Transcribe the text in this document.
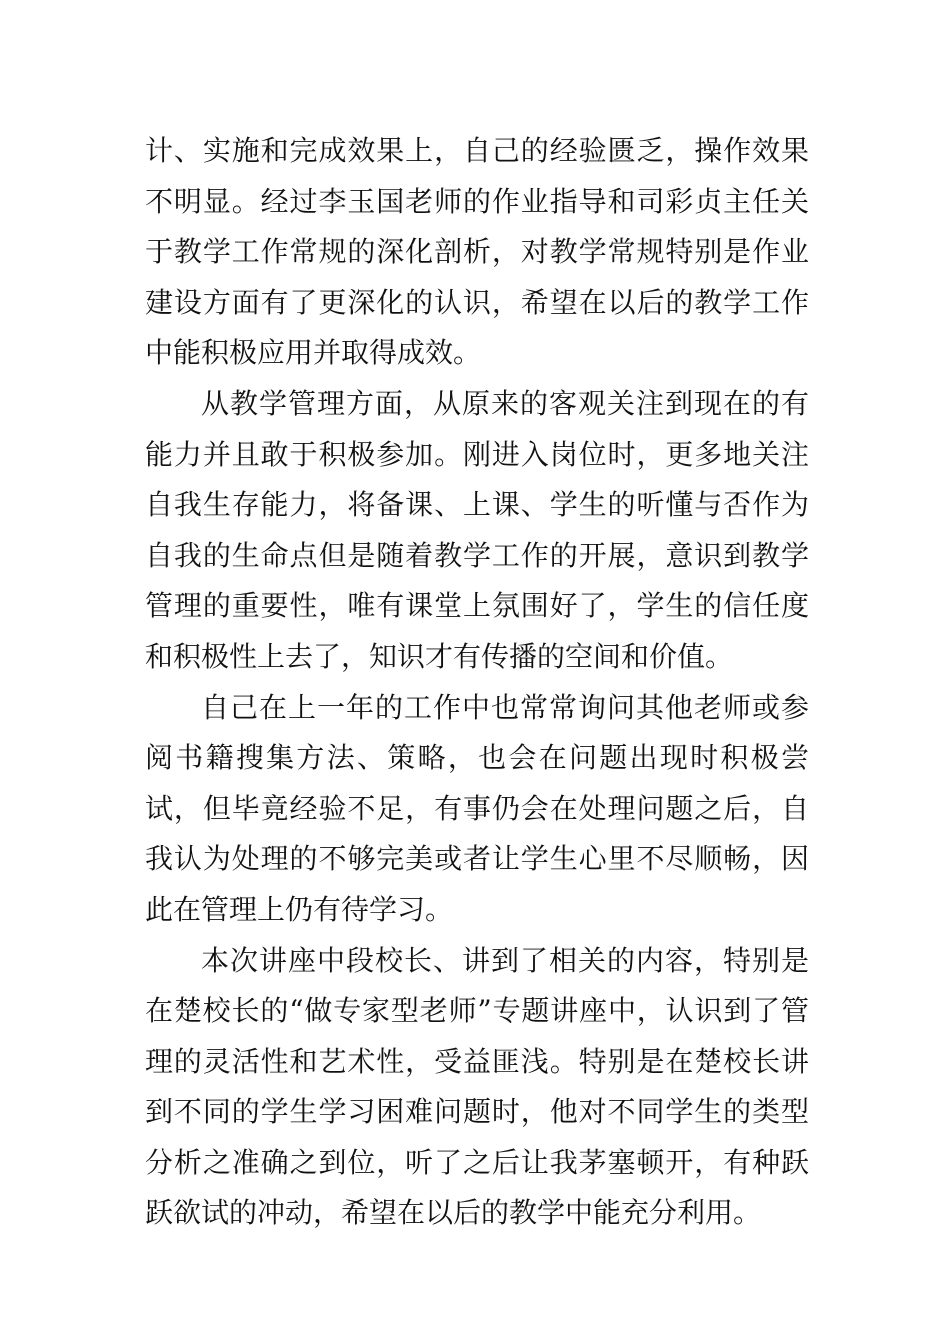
计、实施和完成效果上，自己的经验匮乏，操作效果不明显。经过李玉国老师的作业指导和司彩贞主任关于教学工作常规的深化剖析，对教学常规特别是作业建设方面有了更深化的认识，希望在以后的教学工作中能积极应用并取得成效。

从教学管理方面，从原来的客观关注到现在的有能力并且敢于积极参加。刚进入岗位时，更多地关注自我生存能力，将备课、上课、学生的听懂与否作为自我的生命点但是随着教学工作的开展，意识到教学管理的重要性，唯有课堂上氛围好了，学生的信任度和积极性上去了，知识才有传播的空间和价值。

自己在上一年的工作中也常常询问其他老师或参阅书籍搜集方法、策略，也会在问题出现时积极尝试，但毕竟经验不足，有事仍会在处理问题之后，自我认为处理的不够完美或者让学生心里不尽顺畅，因此在管理上仍有待学习。

本次讲座中段校长、讲到了相关的内容，特别是在楚校长的“做专家型老师”专题讲座中，认识到了管理的灵活性和艺术性，受益匪浅。特别是在楚校长讲到不同的学生学习困难问题时，他对不同学生的类型分析之准确之到位，听了之后让我茅塞顿开，有种跃跃欲试的冲动，希望在以后的教学中能充分利用。
